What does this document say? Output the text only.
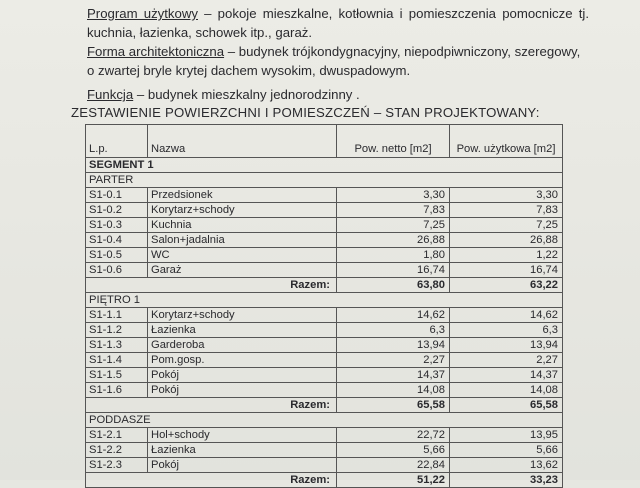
Program użytkowy – pokoje mieszkalne, kotłownia i pomieszczenia pomocnicze tj. kuchnia, łazienka, schowek itp., garaż.
Forma architektoniczna – budynek trójkondygnacyjny, niepodpiwniczony, szeregowy, o zwartej bryle krytej dachem wysokim, dwuspadowym.
Funkcja – budynek mieszkalny jednorodzinny .
ZESTAWIENIE POWIERZCHNI I POMIESZCZEŃ – STAN PROJEKTOWANY:
L.p.	Nazwa	Pow. netto [m2]	Pow. użytkowa [m2]
SEGMENT 1			
PARTER			
S1-0.1	Przedsionek	3,30	3,30
S1-0.2	Korytarz+schody	7,83	7,83
S1-0.3	Kuchnia	7,25	7,25
S1-0.4	Salon+jadalnia	26,88	26,88
S1-0.5	WC	1,80	1,22
S1-0.6	Garaż	16,74	16,74
	Razem:	63,80	63,22
PIĘTRO 1			
S1-1.1	Korytarz+schody	14,62	14,62
S1-1.2	Łazienka	6,3	6,3
S1-1.3	Garderoba	13,94	13,94
S1-1.4	Pom.gosp.	2,27	2,27
S1-1.5	Pokój	14,37	14,37
S1-1.6	Pokój	14,08	14,08
	Razem:	65,58	65,58
PODDASZE			
S1-2.1	Hol+schody	22,72	13,95
S1-2.2	Łazienka	5,66	5,66
S1-2.3	Pokój	22,84	13,62
	Razem:	51,22	33,23
